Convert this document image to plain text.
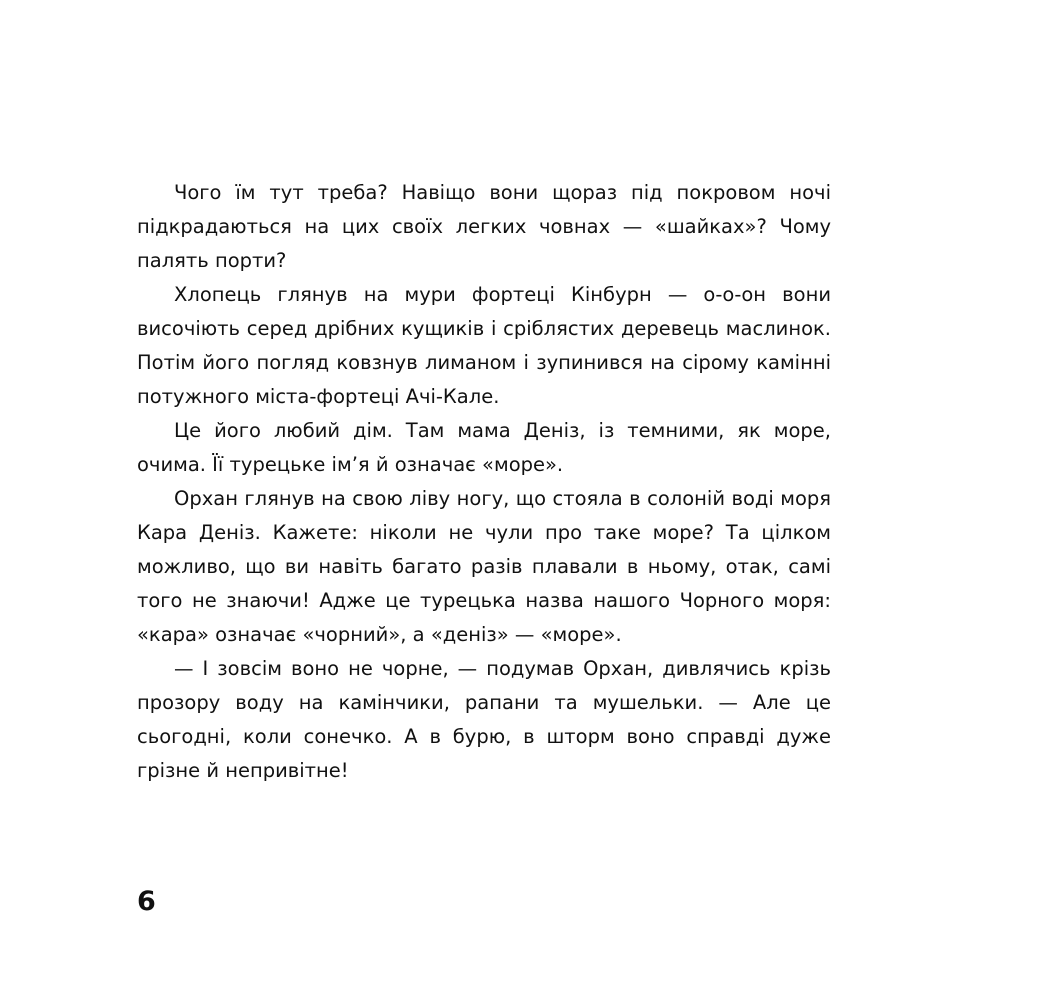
Чого їм тут треба? Навіщо вони щораз під покровом ночі підкрадаються на цих своїх легких човнах — «шайках»? Чому палять порти?

Хлопець глянув на мури фортеці Кінбурн — о-о-он вони височіють серед дрібних кущиків і сріблястих деревець маслинок. Потім його погляд ковзнув лиманом і зупинився на сірому камінні потужного міста-фортеці Ачі-Кале.

Це його любий дім. Там мама Деніз, із темними, як море, очима. Її турецьке ім’я й означає «море».

Орхан глянув на свою ліву ногу, що стояла в солоній воді моря Кара Деніз. Кажете: ніколи не чули про таке море? Та цілком можливо, що ви навіть багато разів плавали в ньому, отак, самі того не знаючи! Адже це турецька назва нашого Чорного моря: «кара» означає «чорний», а «деніз» — «море».

— І зовсім воно не чорне, — подумав Орхан, дивлячись крізь прозору воду на камінчики, рапани та мушельки. — Але це сьогодні, коли сонечко. А в бурю, в шторм воно справді дуже грізне й непривітне!

6
